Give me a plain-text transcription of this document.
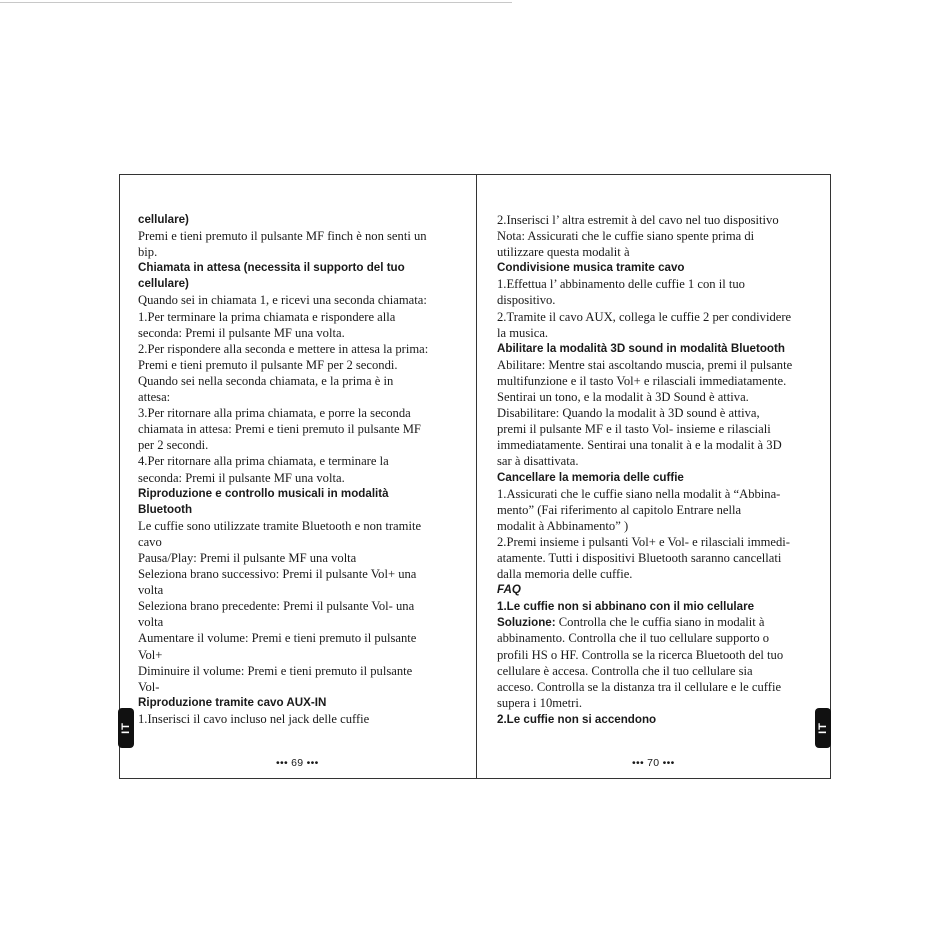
cellulare)
Premi e tieni premuto il pulsante MF finch è non senti un
bip.
Chiamata in attesa (necessita il supporto del tuo
cellulare)
Quando sei in chiamata 1, e ricevi una seconda chiamata:
1.Per terminare la prima chiamata e rispondere alla
seconda: Premi il pulsante MF una volta.
2.Per rispondere alla seconda e mettere in attesa la prima:
Premi e tieni premuto il pulsante MF per 2 secondi.
Quando sei nella seconda chiamata, e la prima è in
attesa:
3.Per ritornare alla prima chiamata, e porre la seconda
chiamata in attesa: Premi e tieni premuto il pulsante MF
per 2 secondi.
4.Per ritornare alla prima chiamata, e terminare la
seconda: Premi il pulsante MF una volta.
Riproduzione e controllo musicali in modalità
Bluetooth
Le cuffie sono utilizzate tramite Bluetooth e non tramite
cavo
Pausa/Play: Premi il pulsante MF una volta
Seleziona brano successivo: Premi il pulsante Vol+ una
volta
Seleziona brano precedente: Premi il pulsante Vol- una
volta
Aumentare il volume: Premi e tieni premuto il pulsante
Vol+
Diminuire il volume: Premi e tieni premuto il pulsante
Vol-
Riproduzione tramite cavo AUX-IN
1.Inserisci il cavo incluso nel jack delle cuffie
2.Inserisci l’ altra estremit à del cavo nel tuo dispositivo
Nota: Assicurati che le cuffie siano spente prima di
utilizzare questa modalit à
Condivisione musica tramite cavo
1.Effettua l’ abbinamento delle cuffie 1 con il tuo
dispositivo.
2.Tramite il cavo AUX, collega le cuffie 2 per condividere
la musica.
Abilitare la modalità 3D sound in modalità Bluetooth
Abilitare: Mentre stai ascoltando muscia, premi il pulsante
multifunzione e il tasto Vol+ e rilasciali immediatamente.
Sentirai un tono, e la modalit à 3D Sound è attiva.
Disabilitare: Quando la modalit à 3D sound è attiva,
premi il pulsante MF e il tasto Vol- insieme e rilasciali
immediatamente. Sentirai una tonalit à e la modalit à 3D
sar à disattivata.
Cancellare la memoria delle cuffie
1.Assicurati che le cuffie siano nella modalit à “Abbina-
mento” (Fai riferimento al capitolo Entrare nella
modalit à Abbinamento” )
2.Premi insieme i pulsanti Vol+ e Vol- e rilasciali immedi-
atamente. Tutti i dispositivi Bluetooth saranno cancellati
dalla memoria delle cuffie.
FAQ
1.Le cuffie non si abbinano con il mio cellulare
Soluzione: Controlla che le cuffia siano in modalit à
abbinamento. Controlla che il tuo cellulare supporto o
profili HS o HF. Controlla se la ricerca Bluetooth del tuo
cellulare è accesa. Controlla che il tuo cellulare sia
acceso. Controlla se la distanza tra il cellulare e le cuffie
supera i 10metri.
2.Le cuffie non si accendono
••• 69 •••	••• 70 •••
IT	IT
